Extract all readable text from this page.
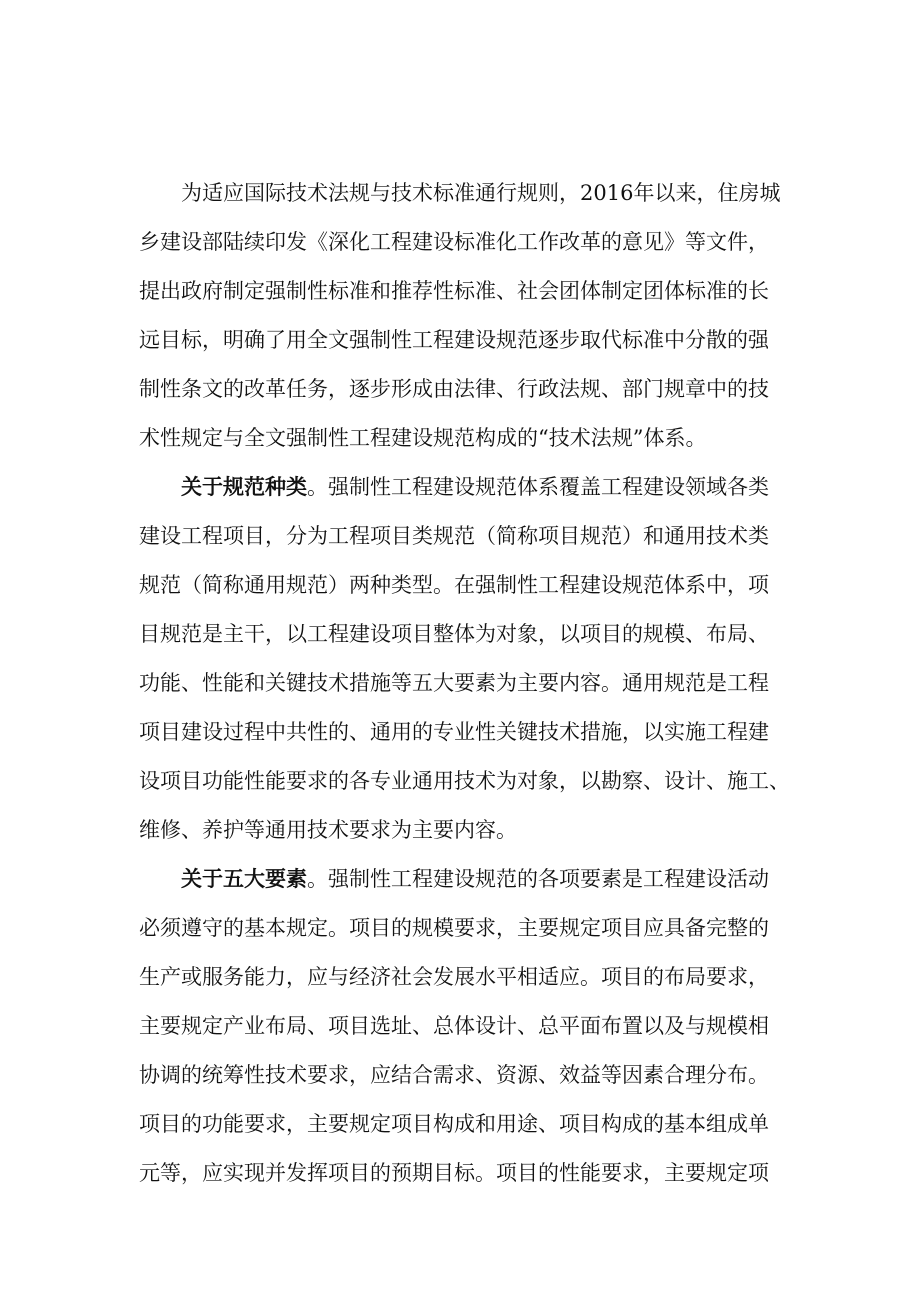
为适应国际技术法规与技术标准通行规则，2016年以来，住房城
乡建设部陆续印发《深化工程建设标准化工作改革的意见》等文件，
提出政府制定强制性标准和推荐性标准、社会团体制定团体标准的长
远目标，明确了用全文强制性工程建设规范逐步取代标准中分散的强
制性条文的改革任务，逐步形成由法律、行政法规、部门规章中的技
术性规定与全文强制性工程建设规范构成的“技术法规”体系。
关于规范种类。强制性工程建设规范体系覆盖工程建设领域各类
建设工程项目，分为工程项目类规范（简称项目规范）和通用技术类
规范（简称通用规范）两种类型。在强制性工程建设规范体系中，项
目规范是主干，以工程建设项目整体为对象，以项目的规模、布局、
功能、性能和关键技术措施等五大要素为主要内容。通用规范是工程
项目建设过程中共性的、通用的专业性关键技术措施，以实施工程建
设项目功能性能要求的各专业通用技术为对象，以勘察、设计、施工、
维修、养护等通用技术要求为主要内容。
关于五大要素。强制性工程建设规范的各项要素是工程建设活动
必须遵守的基本规定。项目的规模要求，主要规定项目应具备完整的
生产或服务能力，应与经济社会发展水平相适应。项目的布局要求，
主要规定产业布局、项目选址、总体设计、总平面布置以及与规模相
协调的统筹性技术要求，应结合需求、资源、效益等因素合理分布。
项目的功能要求，主要规定项目构成和用途、项目构成的基本组成单
元等，应实现并发挥项目的预期目标。项目的性能要求，主要规定项
